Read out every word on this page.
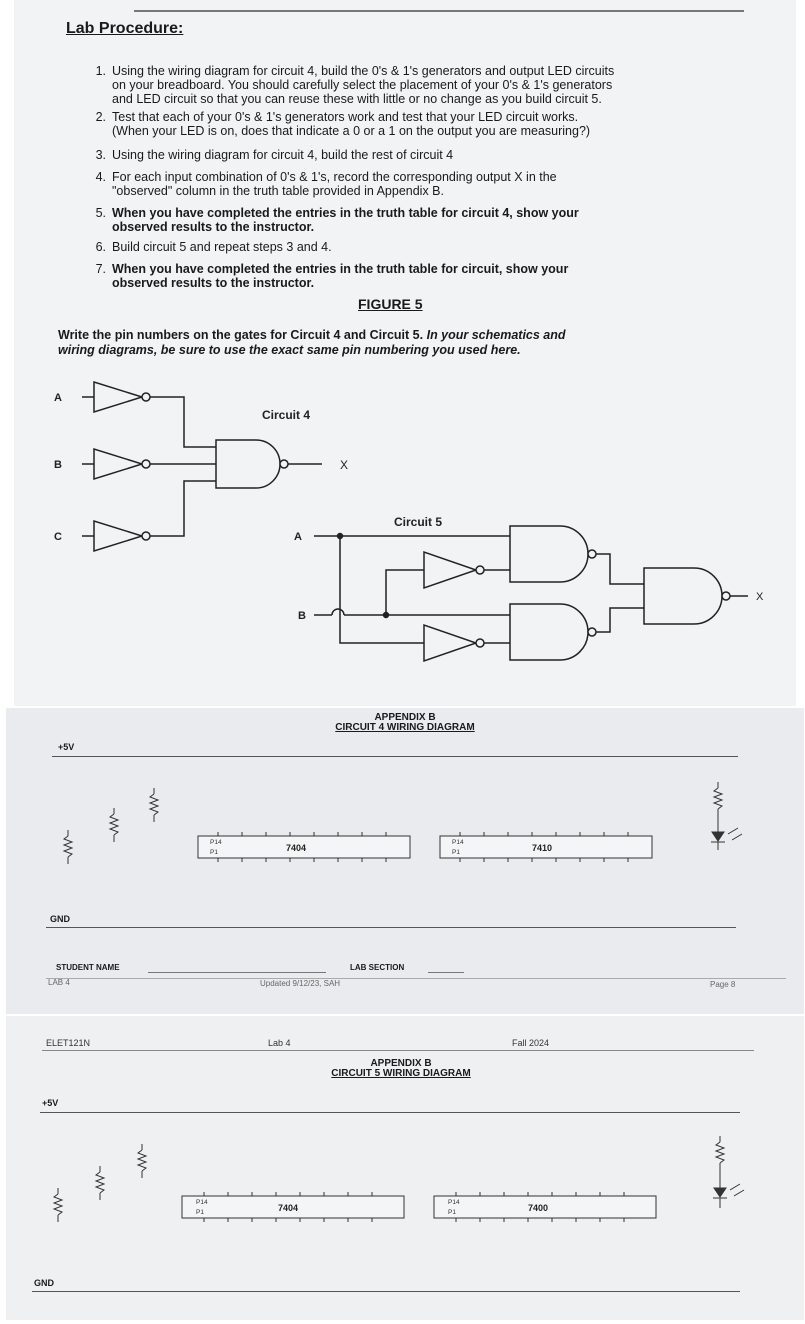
Lab Procedure:
1. Using the wiring diagram for circuit 4, build the 0's & 1's generators and output LED circuits
on your breadboard. You should carefully select the placement of your 0's & 1's generators
and LED circuit so that you can reuse these with little or no change as you build circuit 5.
2. Test that each of your 0's & 1's generators work and test that your LED circuit works.
(When your LED is on, does that indicate a 0 or a 1 on the output you are measuring?)
3. Using the wiring diagram for circuit 4, build the rest of circuit 4
4. For each input combination of 0's & 1's, record the corresponding output X in the
"observed" column in the truth table provided in Appendix B.
5. When you have completed the entries in the truth table for circuit 4, show your
observed results to the instructor.
6. Build circuit 5 and repeat steps 3 and 4.
7. When you have completed the entries in the truth table for circuit, show your
observed results to the instructor.
FIGURE 5
Write the pin numbers on the gates for Circuit 4 and Circuit 5. In your schematics and
wiring diagrams, be sure to use the exact same pin numbering you used here.
A
B
C
Circuit 4
X
Circuit 5
A
B
X
APPENDIX B
CIRCUIT 4 WIRING DIAGRAM
+5V
P14
P1
P14
P1
7404	7410
GND
STUDENT NAME	LAB SECTION
LAB 4	Updated 9/12/23, SAH	Page 8
ELET121N	Lab 4	Fall 2024
APPENDIX B
CIRCUIT 5 WIRING DIAGRAM
+5V
P14
P1
P14
P1
7404	7400
GND
